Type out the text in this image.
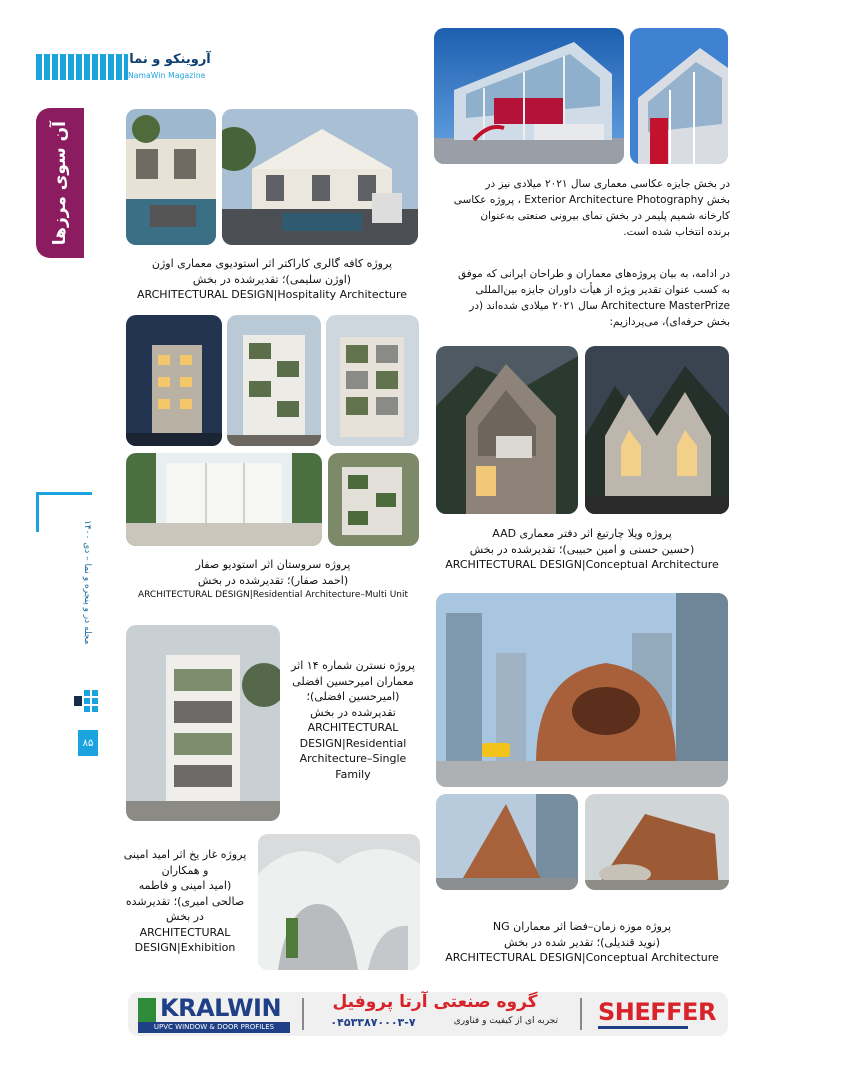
آروینکو و نما
NamaWin Magazine
آن سوی مرزها
مجله در و پنجره و نما – دی ۱۴۰۰
۸۵
در بخش جایزه عکاسی معماری سال ۲۰۲۱ میلادی نیز در
بخش Exterior Architecture Photography ، پروژه عکاسی
کارخانه شمیم پلیمر در بخش نمای بیرونی صنعتی به‌عنوان
برنده انتخاب شده است.
در ادامه، به بیان پروژه‌های معماران و طراحان ایرانی که موفق
به کسب عنوان تقدیر ویژه از هیأت داوران جایزه بین‌المللی
Architecture MasterPrize سال ۲۰۲۱ میلادی شده‌اند (در
بخش حرفه‌ای)، می‌پردازیم:
پروژه کافه گالری کاراکتر اثر استودیوی معماری اوژن
(اوژن سلیمی)؛ تقدیرشده در بخش
ARCHITECTURAL DESIGN|Hospitality Architecture
پروژه سروستان اثر استودیو صفار
(احمد صفار)؛ تقدیرشده در بخش
ARCHITECTURAL DESIGN|Residential Architecture–Multi Unit
پروژه نسترن شماره ۱۴ اثر
معماران امیرحسین افضلی
(امیرحسین افضلی)؛
تقدیرشده در بخش
ARCHITECTURAL
DESIGN|Residential
Architecture–Single
Family
پروژه غار یخ اثر امید امینی
و همکاران
(امید امینی و فاطمه
صالحی امیری)؛ تقدیرشده
در بخش
ARCHITECTURAL
DESIGN|Exhibition
پروژه ویلا چارتیغ اثر دفتر معماری AAD
(حسین حسنی و امین حبیبی)؛ تقدیرشده در بخش
ARCHITECTURAL DESIGN|Conceptual Architecture
پروژه موزه زمان–فضا اثر معماران NG
(نوید قندیلی)؛ تقدیر شده در بخش
ARCHITECTURAL DESIGN|Conceptual Architecture
KRALWIN
UPVC WINDOW & DOOR PROFILES
گروه صنعتی آرتا پروفیل
۰۴۵۳۳۸۷۰۰۰۳-۷	تجربه ای از کیفیت و فناوری SHEFFER
